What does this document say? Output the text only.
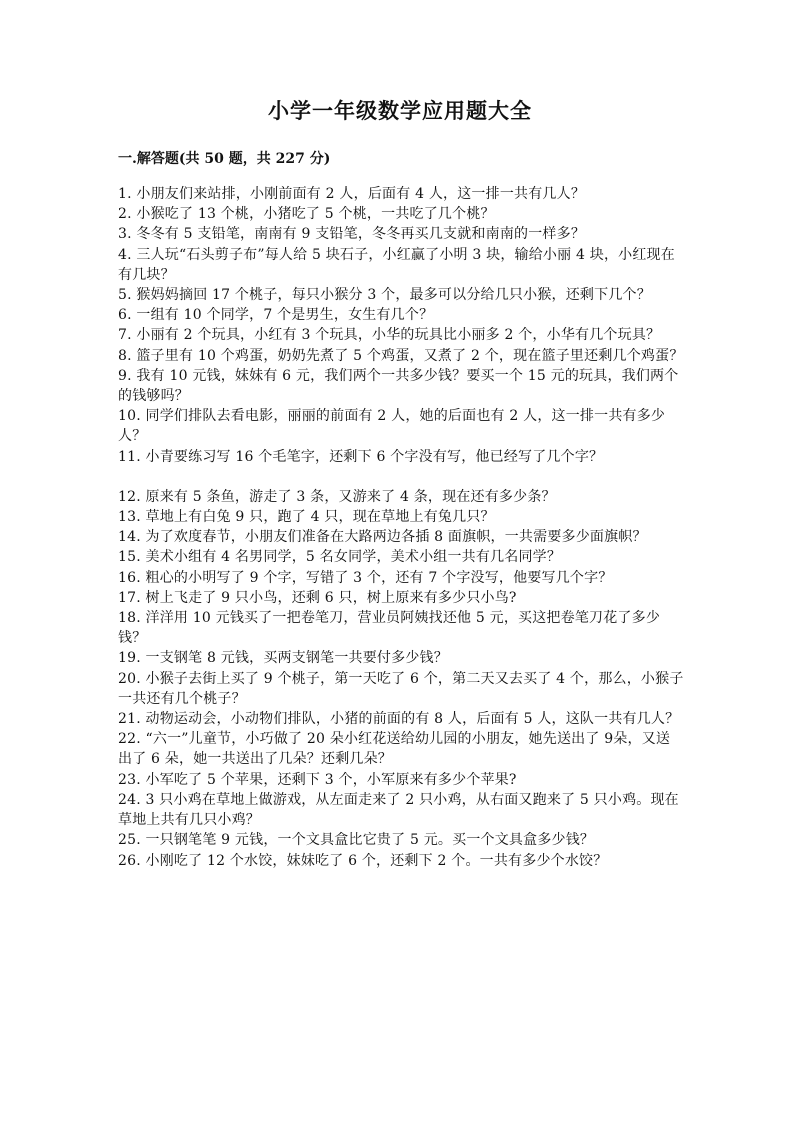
小学一年级数学应用题大全
一.解答题(共 50 题，共 227 分)
1. 小朋友们来站排，小刚前面有 2 人，后面有 4 人，这一排一共有几人？
2. 小猴吃了 13 个桃，小猪吃了 5 个桃，一共吃了几个桃？
3. 冬冬有 5 支铅笔，南南有 9 支铅笔，冬冬再买几支就和南南的一样多？
4. 三人玩“石头剪子布”每人给 5 块石子，小红赢了小明 3 块，输给小丽 4 块，小红现在有几块？
5. 猴妈妈摘回 17 个桃子，每只小猴分 3 个，最多可以分给几只小猴，还剩下几个？
6. 一组有 10 个同学，7 个是男生，女生有几个？
7. 小丽有 2 个玩具，小红有 3 个玩具，小华的玩具比小丽多 2 个，小华有几个玩具？
8. 篮子里有 10 个鸡蛋，奶奶先煮了 5 个鸡蛋，又煮了 2 个，现在篮子里还剩几个鸡蛋？
9. 我有 10 元钱，妹妹有 6 元，我们两个一共多少钱？要买一个 15 元的玩具，我们两个的钱够吗？
10. 同学们排队去看电影，丽丽的前面有 2 人，她的后面也有 2 人，这一排一共有多少人？
11. 小青要练习写 16 个毛笔字，还剩下 6 个字没有写，他已经写了几个字？
12. 原来有 5 条鱼，游走了 3 条，又游来了 4 条，现在还有多少条？
13. 草地上有白兔 9 只，跑了 4 只，现在草地上有兔几只？
14. 为了欢度春节，小朋友们准备在大路两边各插 8 面旗帜，一共需要多少面旗帜？
15. 美术小组有 4 名男同学，5 名女同学，美术小组一共有几名同学？
16. 粗心的小明写了 9 个字，写错了 3 个，还有 7 个字没写，他要写几个字？
17. 树上飞走了 9 只小鸟，还剩 6 只，树上原来有多少只小鸟?
18. 洋洋用 10 元钱买了一把卷笔刀，营业员阿姨找还他 5 元，买这把卷笔刀花了多少钱？
19. 一支钢笔 8 元钱，买两支钢笔一共要付多少钱？
20. 小猴子去街上买了 9 个桃子，第一天吃了 6 个，第二天又去买了 4 个，那么，小猴子一共还有几个桃子？
21. 动物运动会，小动物们排队，小猪的前面的有 8 人，后面有 5 人，这队一共有几人？
22. “六一”儿童节，小巧做了 20 朵小红花送给幼儿园的小朋友，她先送出了 9朵，又送出了 6 朵，她一共送出了几朵？还剩几朵？
23. 小军吃了 5 个苹果，还剩下 3 个，小军原来有多少个苹果?
24. 3 只小鸡在草地上做游戏，从左面走来了 2 只小鸡，从右面又跑来了 5 只小鸡。现在草地上共有几只小鸡？
25. 一只钢笔笔 9 元钱，一个文具盒比它贵了 5 元。买一个文具盒多少钱？
26. 小刚吃了 12 个水饺，妹妹吃了 6 个，还剩下 2 个。一共有多少个水饺？
